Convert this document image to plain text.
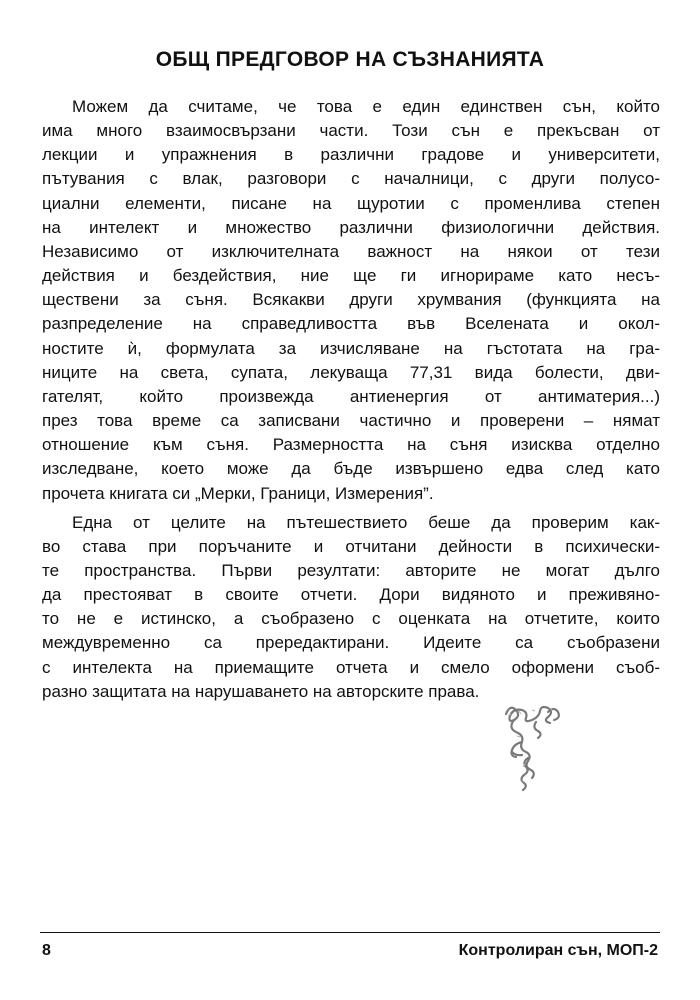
ОБЩ ПРЕДГОВОР НА СЪЗНАНИЯТА

Можем да считаме, че това е един единствен сън, който
има много взаимосвързани части. Този сън е прекъсван от
лекции и упражнения в различни градове и университети,
пътувания с влак, разговори с началници, с други полусо-
циални елементи, писане на щуротии с променлива степен
на интелект и множество различни физиологични действия.
Независимо от изключителната важност на някои от тези
действия и бездействия, ние ще ги игнорираме като несъ-
ществени за съня. Всякакви други хрумвания (функцията на
разпределение на справедливостта във Вселената и окол-
ностите ѝ, формулата за изчисляване на гъстотата на гра-
ниците на света, супата, лекуваща 77,31 вида болести, дви-
гателят, който произвежда антиенергия от антиматерия...)
през това време са записвани частично и проверени – нямат
отношение към съня. Размерността на съня изисква отделно
изследване, което може да бъде извършено едва след като
прочета книгата си „Мерки, Граници, Измерения”.

Една от целите на пътешествието беше да проверим как-
во става при поръчаните и отчитани дейности в психически-
те пространства. Първи резултати: авторите не могат дълго
да престояват в своите отчети. Дори видяното и преживяно-
то не е истинско, а съобразено с оценката на отчетите, които
междувременно са прередактирани. Идеите са съобразени
с интелекта на приемащите отчета и смело оформени съоб-
разно защитата на нарушаването на авторските права.

8	Контролиран сън, МОП-2
